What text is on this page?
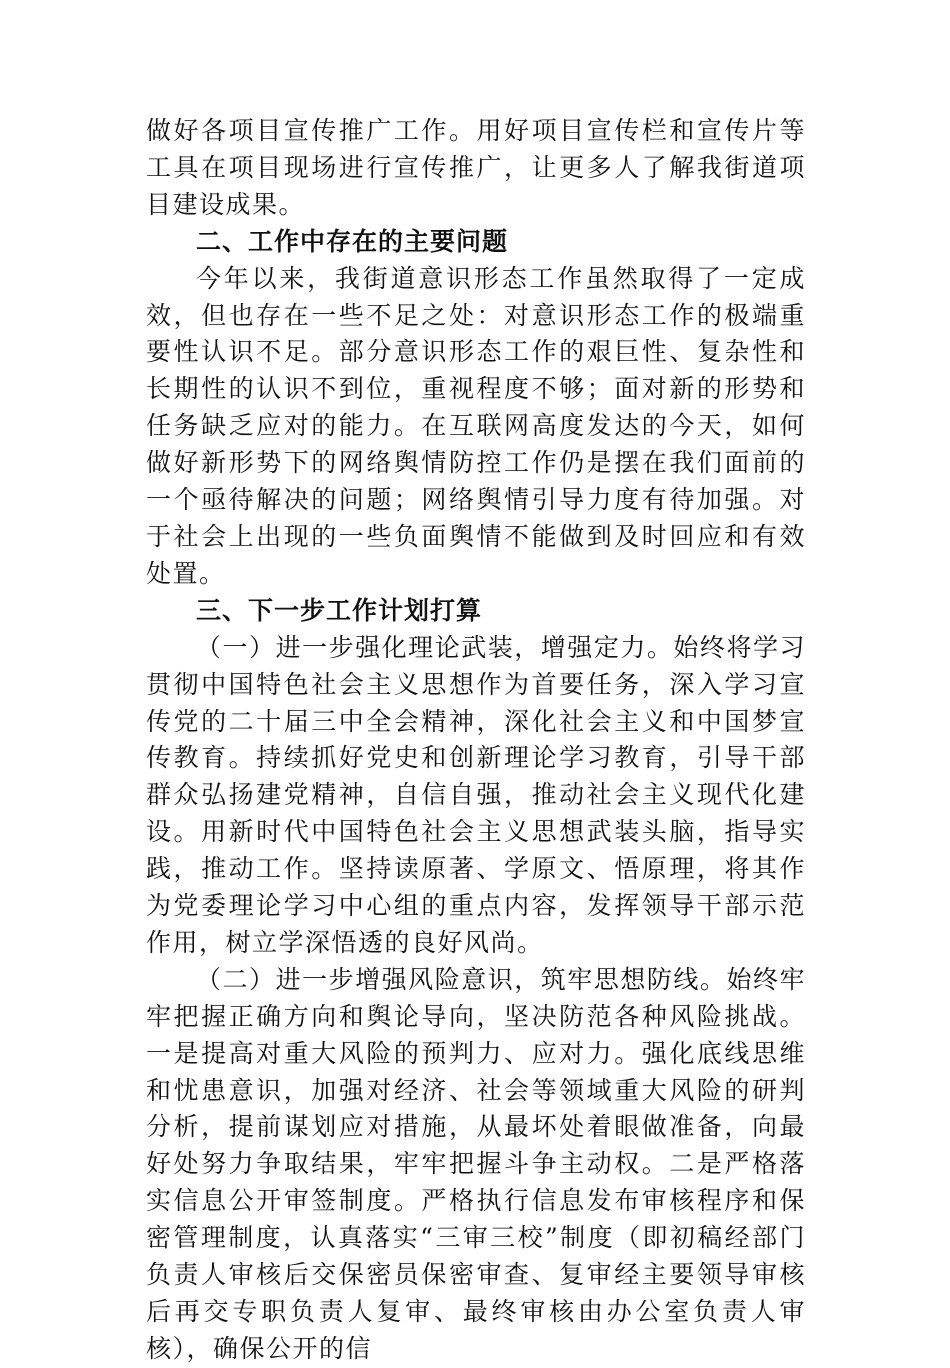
做好各项目宣传推广工作。用好项目宣传栏和宣传片等工具在项目现场进行宣传推广，让更多人了解我街道项目建设成果。

二、工作中存在的主要问题

今年以来，我街道意识形态工作虽然取得了一定成效，但也存在一些不足之处：对意识形态工作的极端重要性认识不足。部分意识形态工作的艰巨性、复杂性和长期性的认识不到位，重视程度不够；面对新的形势和任务缺乏应对的能力。在互联网高度发达的今天，如何做好新形势下的网络舆情防控工作仍是摆在我们面前的一个亟待解决的问题；网络舆情引导力度有待加强。对于社会上出现的一些负面舆情不能做到及时回应和有效处置。

三、下一步工作计划打算

（一）进一步强化理论武装，增强定力。始终将学习贯彻中国特色社会主义思想作为首要任务，深入学习宣传党的二十届三中全会精神，深化社会主义和中国梦宣传教育。持续抓好党史和创新理论学习教育，引导干部群众弘扬建党精神，自信自强，推动社会主义现代化建设。用新时代中国特色社会主义思想武装头脑，指导实践，推动工作。坚持读原著、学原文、悟原理，将其作为党委理论学习中心组的重点内容，发挥领导干部示范作用，树立学深悟透的良好风尚。

（二）进一步增强风险意识，筑牢思想防线。始终牢牢把握正确方向和舆论导向，坚决防范各种风险挑战。一是提高对重大风险的预判力、应对力。强化底线思维和忧患意识，加强对经济、社会等领域重大风险的研判分析，提前谋划应对措施，从最坏处着眼做准备，向最好处努力争取结果，牢牢把握斗争主动权。二是严格落实信息公开审签制度。严格执行信息发布审核程序和保密管理制度，认真落实“三审三校”制度（即初稿经部门负责人审核后交保密员保密审查、复审经主要领导审核后再交专职负责人复审、最终审核由办公室负责人审核），确保公开的信
